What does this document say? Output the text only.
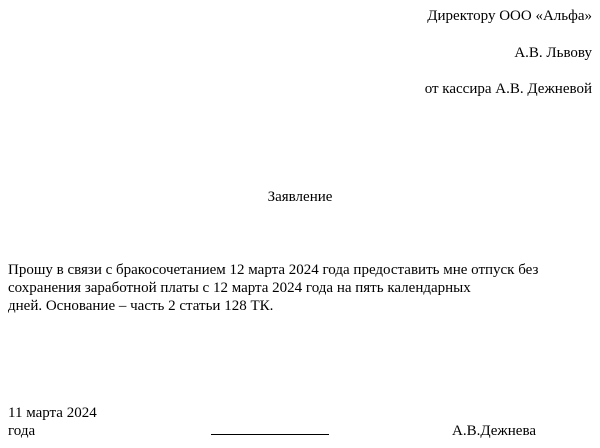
Директору ООО «Альфа»
А.В. Львову
от кассира А.В. Дежневой
Заявление
Прошу в связи с бракосочетанием 12 марта 2024 года предоставить мне отпуск без
сохранения заработной платы с 12 марта 2024 года на пять календарных
дней. Основание – часть 2 статьи 128 ТК.
11 марта 2024
года	А.В.Дежнева
